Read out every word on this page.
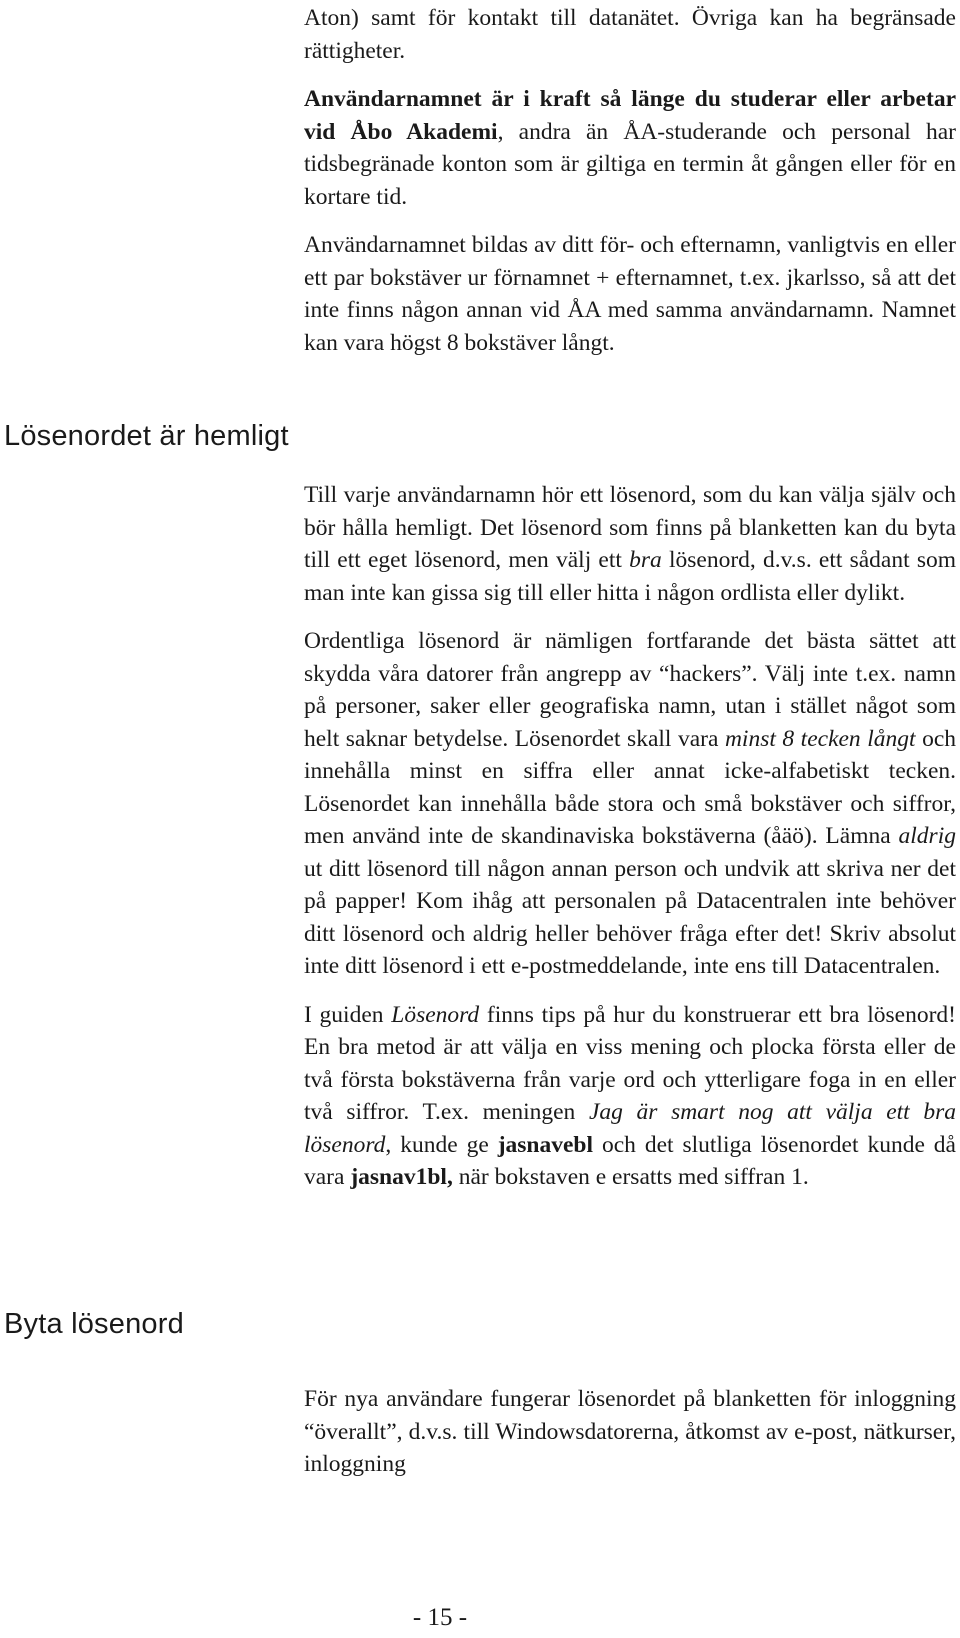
Aton) samt för kontakt till datanätet. Övriga kan ha begränsade rättigheter.

Användarnamnet är i kraft så länge du studerar eller arbetar vid Åbo Akademi, andra än ÅA-studerande och personal har tidsbegränade konton som är giltiga en termin åt gången eller för en kortare tid.

Användarnamnet bildas av ditt för- och efternamn, vanligtvis en eller ett par bokstäver ur förnamnet + efternamnet, t.ex. jkarlsso, så att det inte finns någon annan vid ÅA med samma användarnamn. Namnet kan vara högst 8 bokstäver långt.

Lösenordet är hemligt

Till varje användarnamn hör ett lösenord, som du kan välja själv och bör hålla hemligt. Det lösenord som finns på blanketten kan du byta till ett eget lösenord, men välj ett bra lösenord, d.v.s. ett sådant som man inte kan gissa sig till eller hitta i någon ordlista eller dylikt.

Ordentliga lösenord är nämligen fortfarande det bästa sättet att skydda våra datorer från angrepp av “hackers”. Välj inte t.ex. namn på personer, saker eller geografiska namn, utan i stället något som helt saknar betydelse. Lösenordet skall vara minst 8 tecken långt och innehålla minst en siffra eller annat icke-alfabetiskt tecken. Lösenordet kan innehålla både stora och små bokstäver och siffror, men använd inte de skandinaviska bokstäverna (åäö). Lämna aldrig ut ditt lösenord till någon annan person och undvik att skriva ner det på papper! Kom ihåg att personalen på Datacentralen inte behöver ditt lösenord och aldrig heller behöver fråga efter det! Skriv absolut inte ditt lösenord i ett e-postmeddelande, inte ens till Datacentralen.

I guiden Lösenord finns tips på hur du konstruerar ett bra lösenord! En bra metod är att välja en viss mening och plocka första eller de två första bokstäverna från varje ord och ytterligare foga in en eller två siffror. T.ex. meningen Jag är smart nog att välja ett bra lösenord, kunde ge jasnavebl och det slutliga lösenordet kunde då vara jasnav1bl, när bokstaven e ersatts med siffran 1.

Byta lösenord

För nya användare fungerar lösenordet på blanketten för inloggning “överallt”, d.v.s. till Windowsdatorerna, åtkomst av e-post, nätkurser, inloggning

- 15 -
